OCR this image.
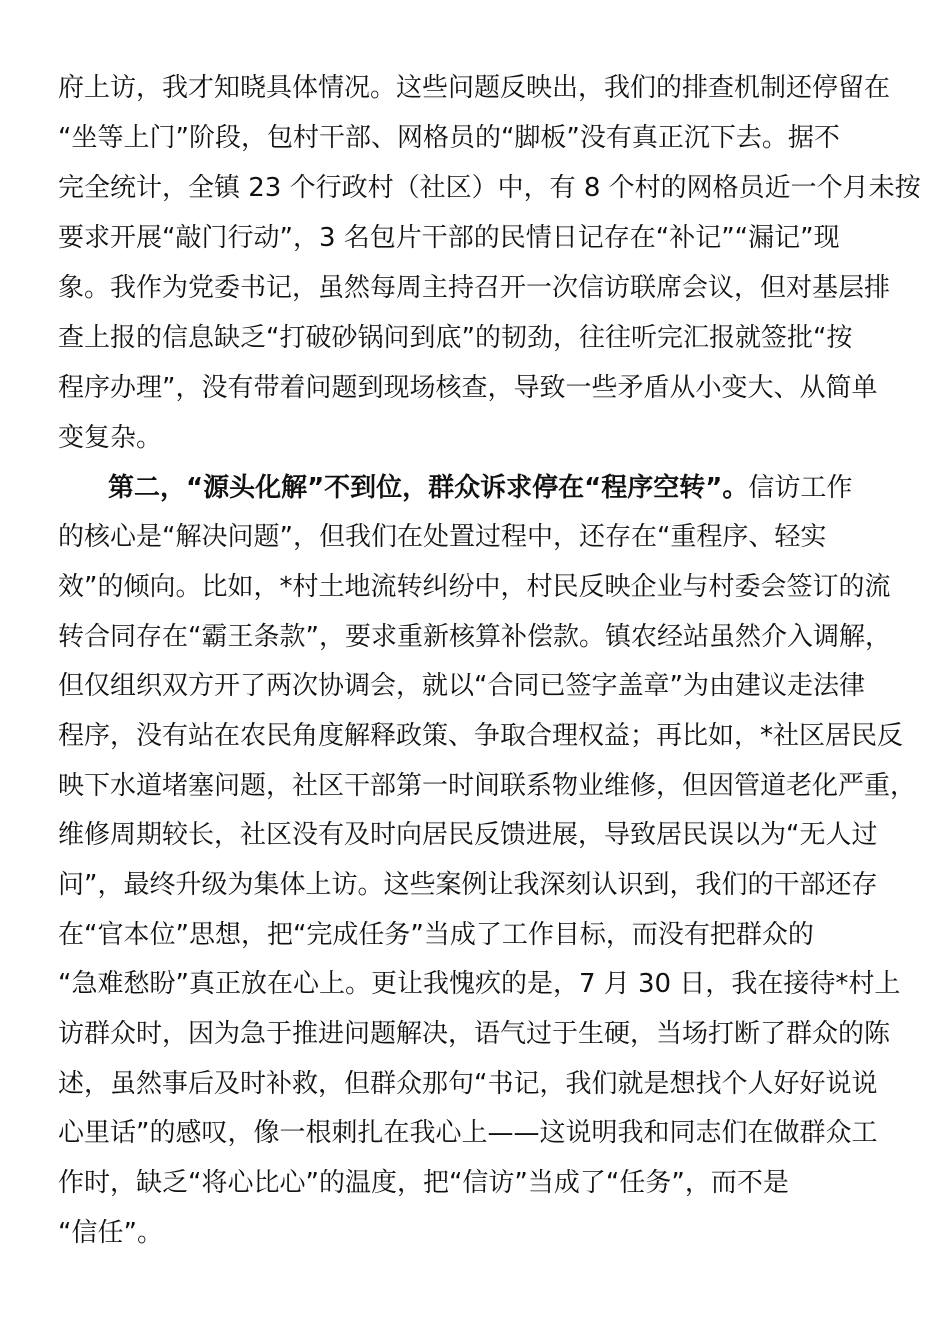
府上访，我才知晓具体情况。这些问题反映出，我们的排查机制还停留在
“坐等上门”阶段，包村干部、网格员的“脚板”没有真正沉下去。据不
完全统计，全镇 23 个行政村（社区）中，有 8 个村的网格员近一个月未按
要求开展“敲门行动”，3 名包片干部的民情日记存在“补记”“漏记”现
象。我作为党委书记，虽然每周主持召开一次信访联席会议，但对基层排
查上报的信息缺乏“打破砂锅问到底”的韧劲，往往听完汇报就签批“按
程序办理”，没有带着问题到现场核查，导致一些矛盾从小变大、从简单
变复杂。
第二，“源头化解”不到位，群众诉求停在“程序空转”。信访工作
的核心是“解决问题”，但我们在处置过程中，还存在“重程序、轻实
效”的倾向。比如，*村土地流转纠纷中，村民反映企业与村委会签订的流
转合同存在“霸王条款”，要求重新核算补偿款。镇农经站虽然介入调解，
但仅组织双方开了两次协调会，就以“合同已签字盖章”为由建议走法律
程序，没有站在农民角度解释政策、争取合理权益；再比如，*社区居民反
映下水道堵塞问题，社区干部第一时间联系物业维修，但因管道老化严重，
维修周期较长，社区没有及时向居民反馈进展，导致居民误以为“无人过
问”，最终升级为集体上访。这些案例让我深刻认识到，我们的干部还存
在“官本位”思想，把“完成任务”当成了工作目标，而没有把群众的
“急难愁盼”真正放在心上。更让我愧疚的是，7 月 30 日，我在接待*村上
访群众时，因为急于推进问题解决，语气过于生硬，当场打断了群众的陈
述，虽然事后及时补救，但群众那句“书记，我们就是想找个人好好说说
心里话”的感叹，像一根刺扎在我心上——这说明我和同志们在做群众工
作时，缺乏“将心比心”的温度，把“信访”当成了“任务”，而不是
“信任”。
